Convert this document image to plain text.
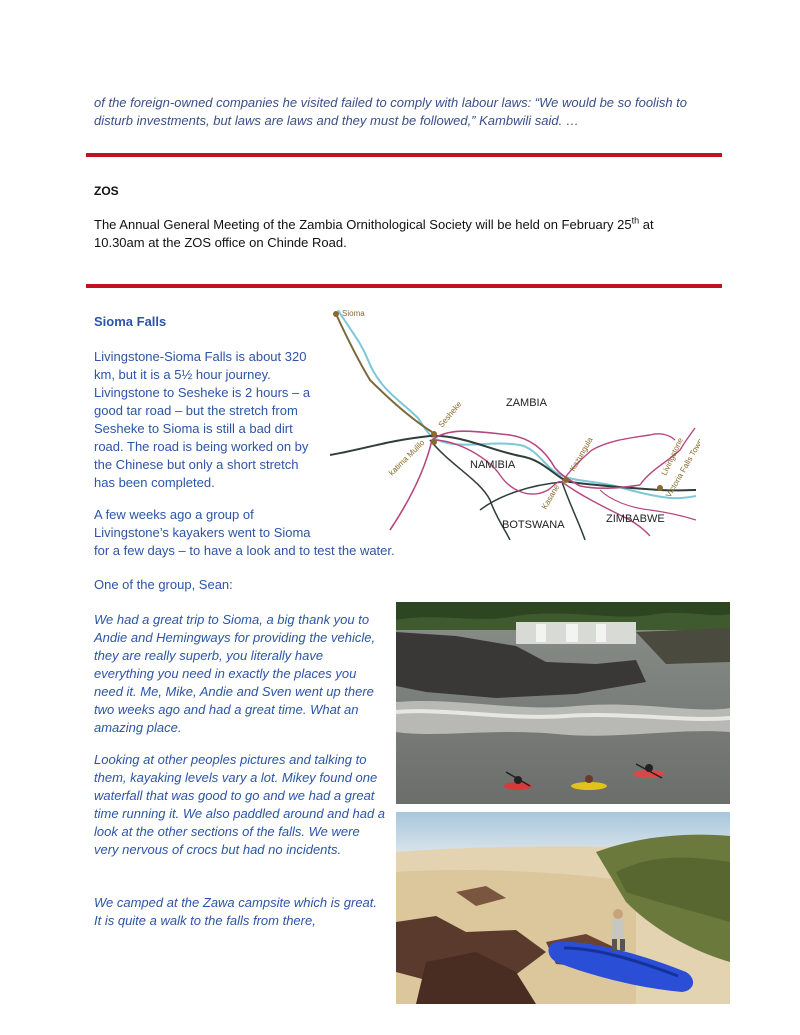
of the foreign-owned companies he visited failed to comply with labour laws: “We would be so foolish to disturb investments, but laws are laws and they must be followed,” Kambwili said. …

ZOS
The Annual General Meeting of the Zambia Ornithological Society will be held on February 25th at 10.30am at the ZOS office on Chinde Road.
Sioma Falls

Livingstone-Sioma Falls is about 320 km, but it is a 5½ hour journey. Livingstone to Sesheke is 2 hours – a good tar road – but the stretch from Sesheke to Sioma is still a bad dirt road. The road is being worked on by the Chinese but only a short stretch has been completed.

A few weeks ago a group of
Livingstone’s kayakers went to Sioma
for a few days – to have a look and to test the water.

One of the group, Sean:

We had a great trip to Sioma, a big thank you to Andie and Hemingways for providing the vehicle, they are really superb, you literally have everything you need in exactly the places you need it. Me, Mike, Andie and Sven went up there two weeks ago and had a great time. What an amazing place.

Looking at other peoples pictures and talking to them, kayaking levels vary a lot. Mikey found one waterfall that was good to go and we had a great time running it. We also paddled around and had a look at the other sections of the falls. We were very nervous of crocs but had no incidents.

We camped at the Zawa campsite which is great. It is quite a walk to the falls from there,

Sioma
ZAMBIA
Sesheke
katima Mulilo	NAMIBIA	Kazungula
Kasane
Livingstone
Victoria Falls Town
BOTSWANA	ZIMBABWE
